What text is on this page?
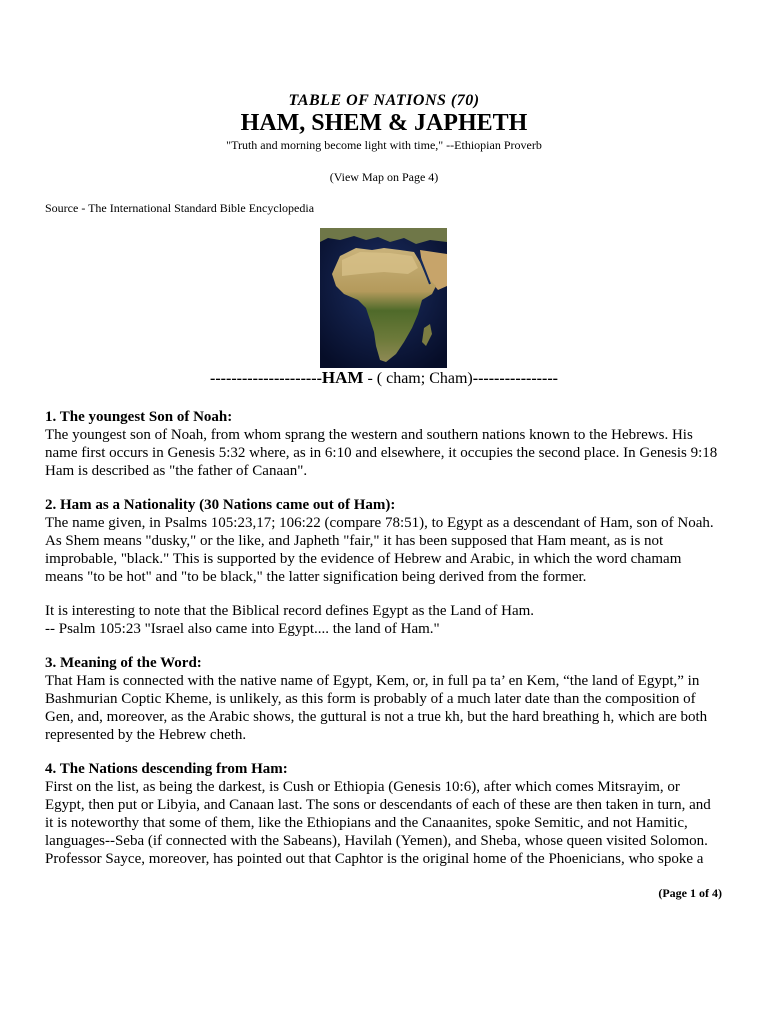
TABLE OF NATIONS (70)
HAM, SHEM & JAPHETH
"Truth and morning become light with time," --Ethiopian Proverb
(View Map on Page 4)
Source - The International Standard Bible Encyclopedia
---------------------HAM - ( cham; Cham)----------------

1. The youngest Son of Noah:
The youngest son of Noah, from whom sprang the western and southern nations known to the Hebrews. His
name first occurs in Genesis 5:32 where, as in 6:10 and elsewhere, it occupies the second place. In Genesis 9:18
Ham is described as "the father of Canaan".

2. Ham as a Nationality (30 Nations came out of Ham):
The name given, in Psalms 105:23,17; 106:22 (compare 78:51), to Egypt as a descendant of Ham, son of Noah.
As Shem means "dusky," or the like, and Japheth "fair," it has been supposed that Ham meant, as is not
improbable, "black." This is supported by the evidence of Hebrew and Arabic, in which the word chamam
means "to be hot" and "to be black," the latter signification being derived from the former.

It is interesting to note that the Biblical record defines Egypt as the Land of Ham.
-- Psalm 105:23 "Israel also came into Egypt.... the land of Ham."

3. Meaning of the Word:
That Ham is connected with the native name of Egypt, Kem, or, in full pa ta’ en Kem, “the land of Egypt,” in
Bashmurian Coptic Kheme, is unlikely, as this form is probably of a much later date than the composition of
Gen, and, moreover, as the Arabic shows, the guttural is not a true kh, but the hard breathing h, which are both
represented by the Hebrew cheth.

4. The Nations descending from Ham:
First on the list, as being the darkest, is Cush or Ethiopia (Genesis 10:6), after which comes Mitsrayim, or
Egypt, then put or Libyia, and Canaan last. The sons or descendants of each of these are then taken in turn, and
it is noteworthy that some of them, like the Ethiopians and the Canaanites, spoke Semitic, and not Hamitic,
languages--Seba (if connected with the Sabeans), Havilah (Yemen), and Sheba, whose queen visited Solomon.
Professor Sayce, moreover, has pointed out that Caphtor is the original home of the Phoenicians, who spoke a

(Page 1 of 4)
